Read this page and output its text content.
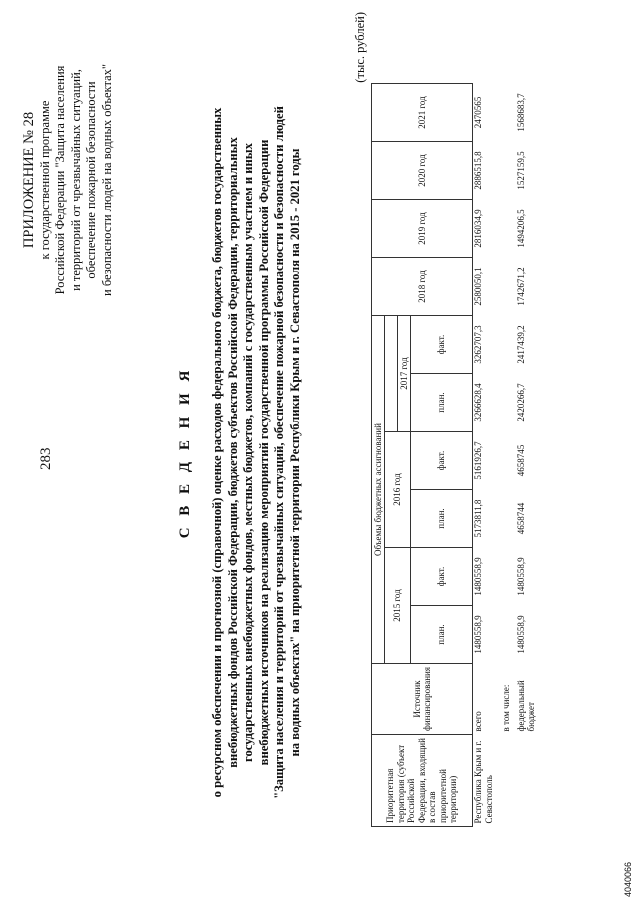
283
ПРИЛОЖЕНИЕ № 28 к государственной программе Российской Федерации "Защита населения и территорий от чрезвычайных ситуаций, обеспечение пожарной безопасности и безопасности людей на водных объектах"
С В Е Д Е Н И Я о ресурсном обеспечении и прогнозной (справочной) оценке расходов федерального бюджета, бюджетов государственных внебюджетных фондов Российской Федерации, бюджетов субъектов Российской Федерации, территориальных государственных внебюджетных фондов, местных бюджетов, компаний с государственным участием и иных внебюджетных источников на реализацию мероприятий государственной программы Российской Федерации "Защита населения и территорий от чрезвычайных ситуаций, обеспечение пожарной безопасности и безопасности людей на водных объектах" на приоритетной территории Республики Крым и г. Севастополя на 2015 - 2021 годы
(тыс. рублей)
Приоритетная территория (субъект Российской Федерации, входящий в состав приоритетной территории)	Источник финансирования	Объемы бюджетных ассигнований						2018 год	2019 год	2020 год	2021 год
		2015 год		2016 год							
						2017 год					
		план.	факт.	план.	факт.	план.	факт.				
Республика Крым и г. Севастополь	всего	1480558,9	1480558,9	5173811,8	5161926,7	3266628,4	3262707,3	2580050,1	2816034,9	2886515,8	2470565
	в том числе:										
	федеральный бюджет	1480558,9	1480558,9	4658744	4658745	2420266,7	2417439,2	1742671,2	1494206,5	1527159,5	1568683,7
4040066
